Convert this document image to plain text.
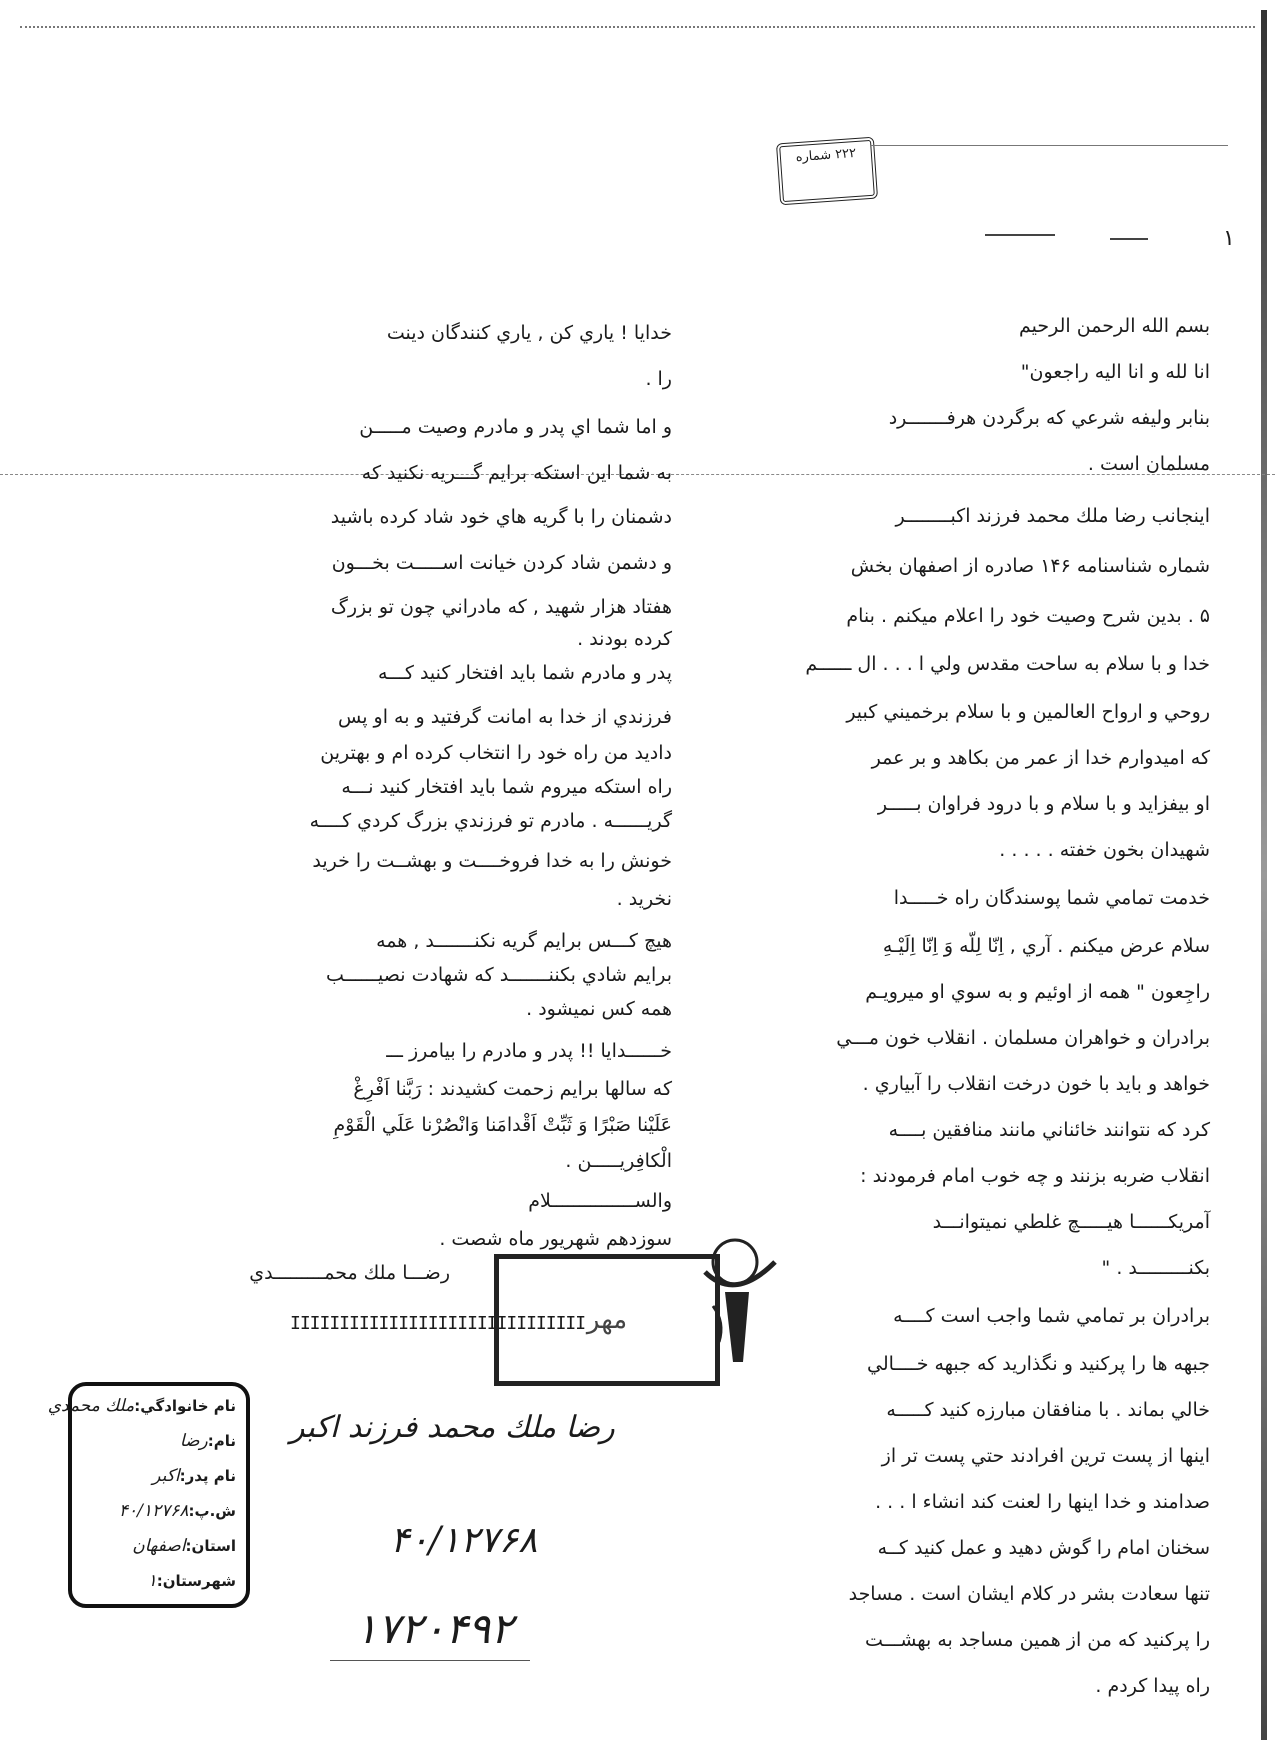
٢٢٢ شماره
١
بسم الله الرحمن الرحيم
انا لله و انا اليه راجعون"
بنابر وليفه شرعي كه برگردن هرفـــــــرد
مسلمان است .
اينجانب رضا ملك محمد فرزند اكبــــــــر
شماره شناسنامه ۱۴۶ صادره از اصفهان بخش
۵ . بدين شرح وصيت خود را اعلام ميكنم . بنام
خدا و با سلام به ساحت مقدس ولي ا . . . ال ــــــم
روحي و ارواح العالمين و با سلام برخميني كبير
كه اميدوارم خدا از عمر من بكاهد و بر عمر
او بيفزايد و با سلام و با درود فراوان بـــــر
شهيدان بخون خفته . . . . .
خدمت تمامي شما پوسندگان راه خـــــدا
سلام عرض ميكنم . آري , اِنّا لِلّه وَ اِنّا اِلَيْـهِ
راجِعون " همه از اوئيم و به سوي او ميرويـم
برادران و خواهران مسلمان . انقلاب خون مـــي
خواهد و بايد با خون درخت انقلاب را آبياري .
كرد كه نتوانند خائناني مانند منافقين بــــه
انقلاب ضربه بزنند و چه خوب امام فرمودند :
آمريكــــــا هيـــــچ غلطي نميتوانـــد
بكنـــــــــد . "
برادران بر تمامي شما واجب است كــــه
جبهه ها را پركنيد و نگذاريد كه جبهه خــــالي
خالي بماند . با منافقان مبارزه كنيد كـــــه
اينها از پست ترين افرادند حتي پست تر از
صدامند و خدا اينها را لعنت كند انشاء ا . . .
سخنان امام را گوش دهيد و عمل كنيد كــه
تنها سعادت بشر در كلام ايشان است . مساجد
را پركنيد كه من از همين مساجد به بهشـــت
راه پيدا كردم .
خدايا ! ياري كن , ياري كنندگان دينت
را .
و اما شما اي پدر و مادرم وصيت مـــــن
به شما اين استكه برايم گـــريه نكنيد كه
دشمنان را با گريه هاي خود شاد كرده باشيد
و دشمن شاد كردن خيانت اســـــت بخـــون
هفتاد هزار شهيد , كه مادراني چون تو بزرگ
كرده بودند .
پدر و مادرم شما بايد افتخار كنيد كـــه
فرزندي از خدا به امانت گرفتيد و به او پس
داديد من راه خود را انتخاب كرده ام و بهترين
راه استكه ميروم شما بايد افتخار كنيد نـــه
گريــــــه . مادرم تو فرزندي بزرگ كردي كــــه
خونش را به خدا فروخــــت و بهشــت را خريد
نخريد .
هيچ كـــس برايم گريه نكنـــــــد , همه
برايم شادي بكننـــــــد كه شهادت نصيــــــب
همه كس نميشود .
خــــــدايا !! پدر و مادرم را بيامرز ـــ
كه سالها برايم زحمت كشيدند : رَبَّنا اَفْرِغْ
عَلَيْنا صَبْرًا وَ ثَبِّتْ اَقْدامَنا وَانْصُرْنا عَلَي الْقَوْمِ
الْكافِريـــــن .
والســـــــــــــــلام
سوزدهم شهريور ماه شصت .
رضـــا ملك محمـــــــــدي
IIIIIIIIIIIIIIIIIIIIIIIIIIIIII مهر
نام خانوادگي:
ملك محمدي
نام:
رضا
نام پدر:
اكبر
ش.پ:
۴۰/۱۲۷۶۸
استان:
اصفهان
شهرستان:
۱
رضا ملك محمد فرزند اكبر
۴۰/۱۲۷۶۸
۱۷۲۰۴۹۲
